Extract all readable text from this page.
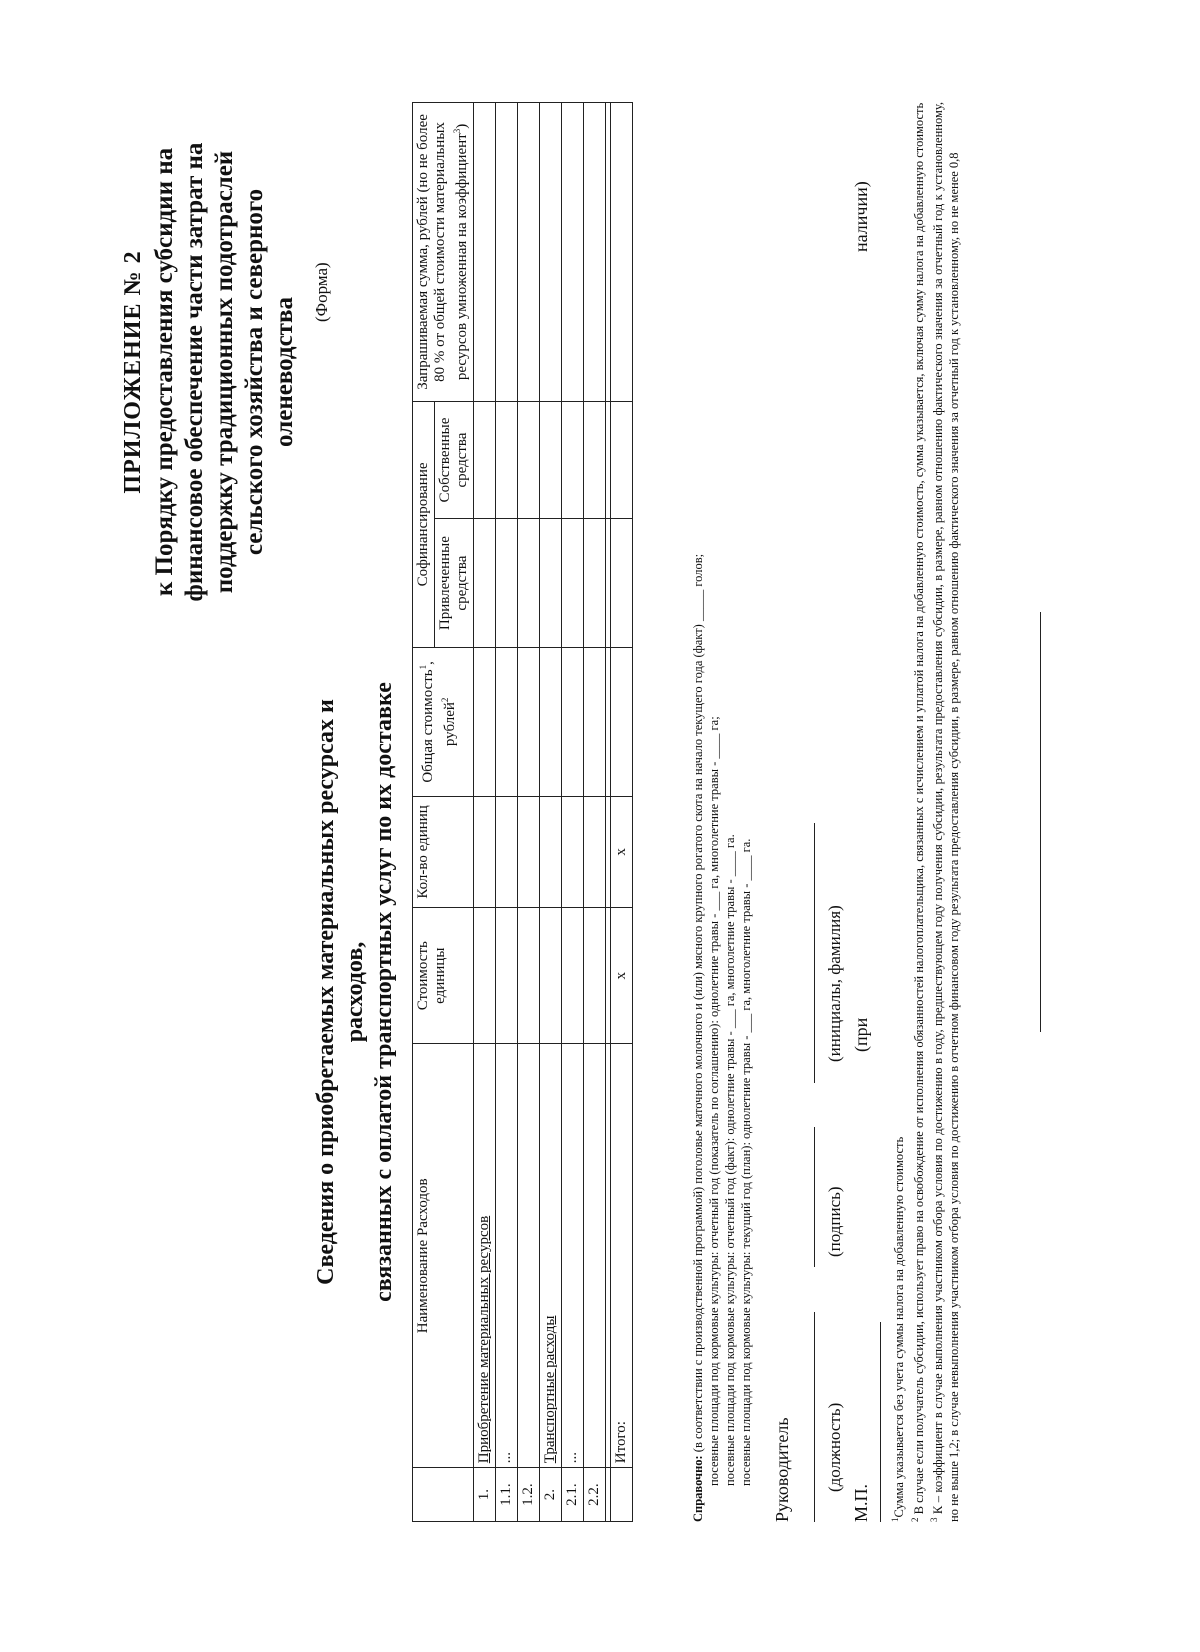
ПРИЛОЖЕНИЕ № 2 к Порядку предоставления субсидии на финансовое обеспечение части затрат на поддержку традиционных подотраслей сельского хозяйства и северного оленеводства
(Форма)
Сведения о приобретаемых материальных ресурсах и расходов, связанных с оплатой транспортных услуг по их доставке
	Наименование Расходов	Стоимость единицы	Кол-во единиц	Общая стоимость$^1$, рублей$^2$	Софинансирование		Запрашиваемая сумма, рублей (но не более 80 % от общей стоимости материальных ресурсов умноженная на коэффициент$^3$)
					Привлеченные средства	Собственные средства	
1.	Приобретение материальных ресурсов						
1.1.	...						
1.2.							
2.	Транспортные расходы						
2.1.	...						
2.2.							

	Итого:	х	х				
Справочно: (в соответствии с производственной программой) поголовье маточного молочного и (или) мясного крупного рогатого скота на начало текущего года (факт) _____ голов; посевные площади под кормовые культуры: отчетный год (показатель по соглашению): однолетние травы - ___ га, многолетние травы - ____ га; посевные площади под кормовые культуры: отчетный год (факт): однолетние травы - ___ га, многолетние травы - ____ га. посевные площади под кормовые культуры: текущий год (план): однолетние травы - ___ га, многолетние травы - ____ га. Руководитель
(должность)
(подпись)
(инициалы, фамилия)
М.П.
(при
наличии)

$^1$Сумма указывается без учета суммы налога на добавленную стоимость

$^2$ В случае если получатель субсидии, использует право на освобождение от исполнения обязанностей налогоплательщика, связанных с исчислением и уплатой налога на добавленную стоимость, сумма указывается, включая сумму налога на добавленную стоимость

$^3$ К – коэффициент в случае выполнения участником отбора условия по достижению в году, предшествующем году получения субсидии, результата предоставления субсидии, в размере, равном отношению фактического значения за отчетный год к установленному, но не выше 1,2; в случае невыполнения участником отбора условия по достижению в отчетном финансовом году результата предоставления субсидии, в размере, равном отношению фактического значения за отчетный год к установленному, но не менее 0,8
